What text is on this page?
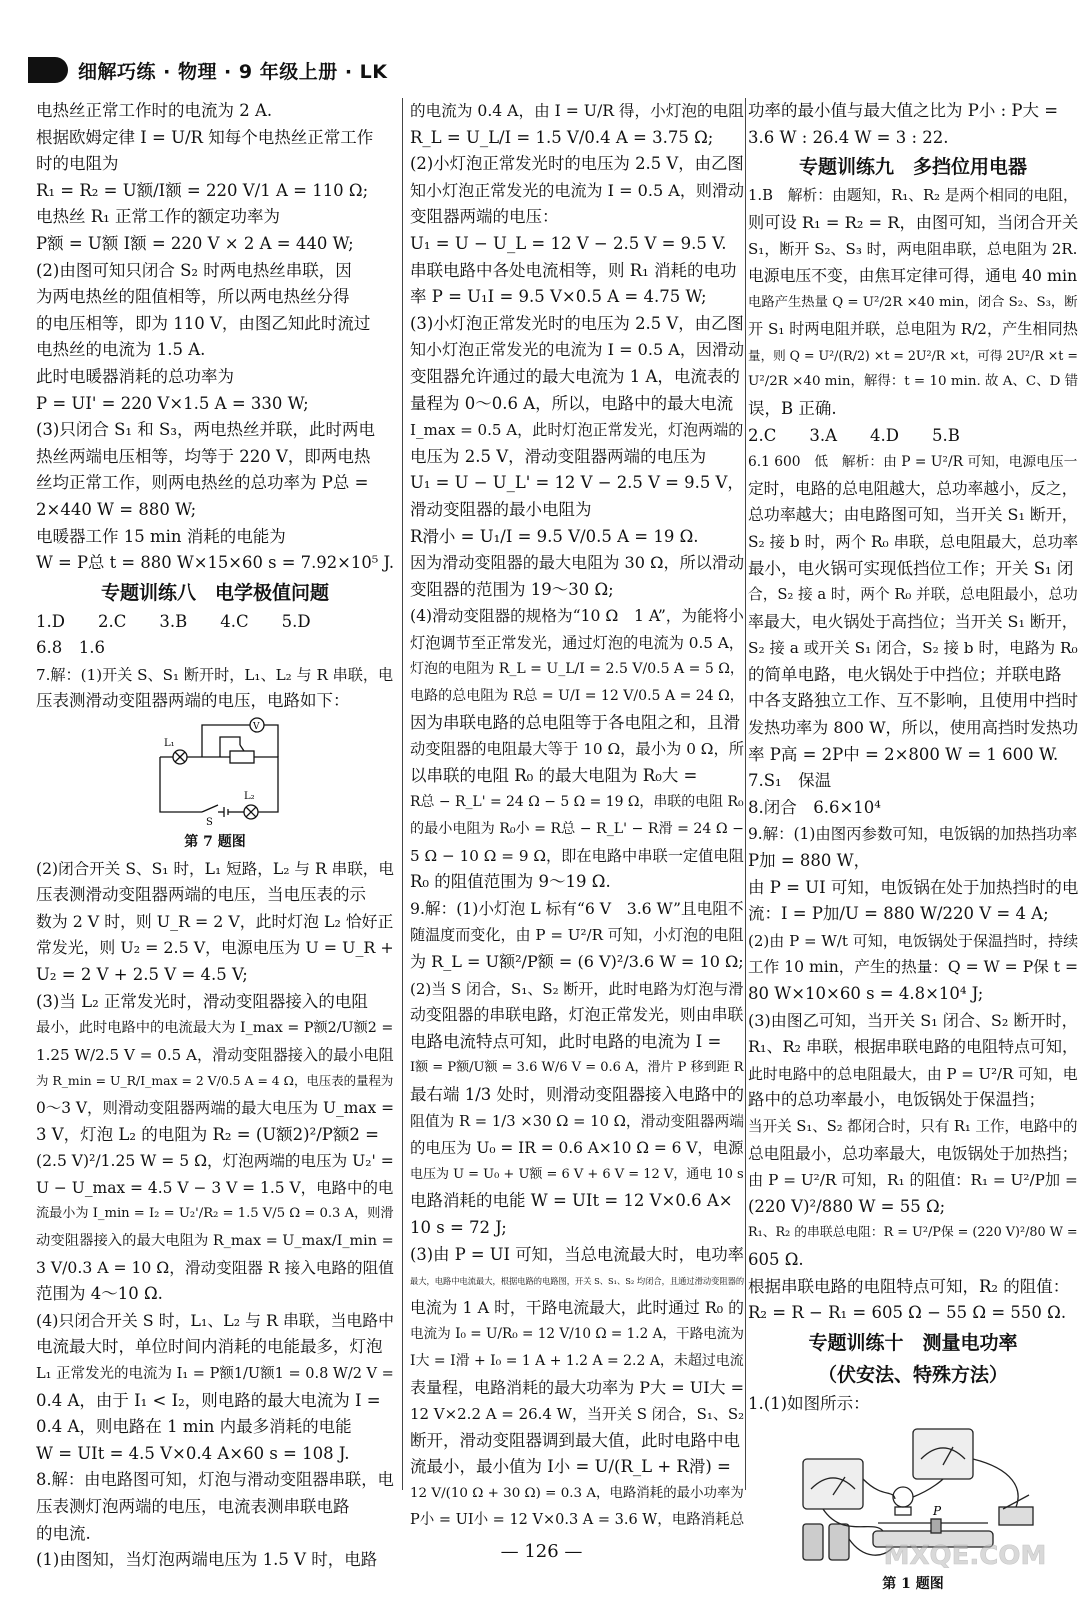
细解巧练 · 物理 · 9 年级上册 · LK
电热丝正常工作时的电流为 2 A.
根据欧姆定律 I = U/R 知每个电热丝正常工作
时的电阻为
R₁ = R₂ = U额/I额 = 220 V/1 A = 110 Ω;
电热丝 R₁ 正常工作的额定功率为
P额 = U额 I额 = 220 V × 2 A = 440 W;
(2)由图可知只闭合 S₂ 时两电热丝串联，因
为两电热丝的阻值相等，所以两电热丝分得
的电压相等，即为 110 V，由图乙知此时流过
电热丝的电流为 1.5 A.
此时电暖器消耗的总功率为
P = UI' = 220 V×1.5 A = 330 W;
(3)只闭合 S₁ 和 S₃，两电热丝并联，此时两电
热丝两端电压相等，均等于 220 V，即两电热
丝均正常工作，则两电热丝的总功率为 P总 =
2×440 W = 880 W;
电暖器工作 15 min 消耗的电能为
W = P总 t = 880 W×15×60 s = 7.92×10⁵ J.
专题训练八　电学极值问题
1.D　　2.C　　3.B　　4.C　　5.D
6.8　1.6
7.解：(1)开关 S、S₁ 断开时，L₁、L₂ 与 R 串联，电
压表测滑动变阻器两端的电压，电路如下：
L₁
L₂
S
V
第 7 题图
(2)闭合开关 S、S₁ 时，L₁ 短路，L₂ 与 R 串联，电
压表测滑动变阻器两端的电压，当电压表的示
数为 2 V 时，则 U_R = 2 V，此时灯泡 L₂ 恰好正
常发光，则 U₂ = 2.5 V，电源电压为 U = U_R +
U₂ = 2 V + 2.5 V = 4.5 V;
(3)当 L₂ 正常发光时，滑动变阻器接入的电阻
最小，此时电路中的电流最大为 I_max = P额2/U额2 =
1.25 W/2.5 V = 0.5 A，滑动变阻器接入的最小电阻
为 R_min = U_R/I_max = 2 V/0.5 A = 4 Ω，电压表的量程为
0～3 V，则滑动变阻器两端的最大电压为 U_max =
3 V，灯泡 L₂ 的电阻为 R₂ = (U额2)²/P额2 =
(2.5 V)²/1.25 W = 5 Ω，灯泡两端的电压为 U₂' =
U − U_max = 4.5 V − 3 V = 1.5 V，电路中的电
流最小为 I_min = I₂ = U₂'/R₂ = 1.5 V/5 Ω = 0.3 A，则滑
动变阻器接入的最大电阻为 R_max = U_max/I_min =
3 V/0.3 A = 10 Ω，滑动变阻器 R 接入电路的阻值
范围为 4～10 Ω.
(4)只闭合开关 S 时，L₁、L₂ 与 R 串联，当电路中
电流最大时，单位时间内消耗的电能最多，灯泡
L₁ 正常发光的电流为 I₁ = P额1/U额1 = 0.8 W/2 V =
0.4 A，由于 I₁ < I₂，则电路的最大电流为 I =
0.4 A，则电路在 1 min 内最多消耗的电能
W = UIt = 4.5 V×0.4 A×60 s = 108 J.
8.解：由电路图可知，灯泡与滑动变阻器串联，电
压表测灯泡两端的电压，电流表测串联电路
的电流.
(1)由图知，当灯泡两端电压为 1.5 V 时，电路
的电流为 0.4 A，由 I = U/R 得，小灯泡的电阻
R_L = U_L/I = 1.5 V/0.4 A = 3.75 Ω;
(2)小灯泡正常发光时的电压为 2.5 V，由乙图
知小灯泡正常发光的电流为 I = 0.5 A，则滑动
变阻器两端的电压：
U₁ = U − U_L = 12 V − 2.5 V = 9.5 V.
串联电路中各处电流相等，则 R₁ 消耗的电功
率 P = U₁I = 9.5 V×0.5 A = 4.75 W;
(3)小灯泡正常发光时的电压为 2.5 V，由乙图
知小灯泡正常发光的电流为 I = 0.5 A，因滑动
变阻器允许通过的最大电流为 1 A，电流表的
量程为 0～0.6 A，所以，电路中的最大电流
I_max = 0.5 A，此时灯泡正常发光，灯泡两端的
电压为 2.5 V，滑动变阻器两端的电压为
U₁ = U − U_L' = 12 V − 2.5 V = 9.5 V，
滑动变阻器的最小电阻为
R滑小 = U₁/I = 9.5 V/0.5 A = 19 Ω.
因为滑动变阻器的最大电阻为 30 Ω，所以滑动
变阻器的范围为 19～30 Ω;
(4)滑动变阻器的规格为“10 Ω　1 A”，为能将小
灯泡调节至正常发光，通过灯泡的电流为 0.5 A，
灯泡的电阻为 R_L = U_L/I = 2.5 V/0.5 A = 5 Ω，
电路的总电阻为 R总 = U/I = 12 V/0.5 A = 24 Ω，
因为串联电路的总电阻等于各电阻之和，且滑
动变阻器的电阻最大等于 10 Ω，最小为 0 Ω，所
以串联的电阻 R₀ 的最大电阻为 R₀大 =
R总 − R_L' = 24 Ω − 5 Ω = 19 Ω，串联的电阻 R₀
的最小电阻为 R₀小 = R总 − R_L' − R滑 = 24 Ω −
5 Ω − 10 Ω = 9 Ω，即在电路中串联一定值电阻
R₀ 的阻值范围为 9～19 Ω.
9.解：(1)小灯泡 L 标有“6 V　3.6 W”且电阻不
随温度而变化，由 P = U²/R 可知，小灯泡的电阻
为 R_L = U额²/P额 = (6 V)²/3.6 W = 10 Ω;
(2)当 S 闭合，S₁、S₂ 断开，此时电路为灯泡与滑
动变阻器的串联电路，灯泡正常发光，则由串联
电路电流特点可知，此时电路的电流为 I =
I额 = P额/U额 = 3.6 W/6 V = 0.6 A，滑片 P 移到距 R
最右端 1/3 处时，则滑动变阻器接入电路中的
阻值为 R = 1/3 ×30 Ω = 10 Ω，滑动变阻器两端
的电压为 U₀ = IR = 0.6 A×10 Ω = 6 V，电源
电压为 U = U₀ + U额 = 6 V + 6 V = 12 V，通电 10 s
电路消耗的电能 W = UIt = 12 V×0.6 A×
10 s = 72 J;
(3)由 P = UI 可知，当总电流最大时，电功率
最大，电路中电流最大，根据电路的电路图，开关 S、S₁、S₂ 均闭合，且通过滑动变阻器的
电流为 1 A 时，干路电流最大，此时通过 R₀ 的
电流为 I₀ = U/R₀ = 12 V/10 Ω = 1.2 A，干路电流为
I大 = I滑 + I₀ = 1 A + 1.2 A = 2.2 A，未超过电流
表量程，电路消耗的最大功率为 P大 = UI大 =
12 V×2.2 A = 26.4 W，当开关 S 闭合，S₁、S₂
断开，滑动变阻器调到最大值，此时电路中电
流最小，最小值为 I小 = U/(R_L + R滑) =
12 V/(10 Ω + 30 Ω) = 0.3 A，电路消耗的最小功率为
P小 = UI小 = 12 V×0.3 A = 3.6 W，电路消耗总
功率的最小值与最大值之比为 P小 : P大 =
3.6 W : 26.4 W = 3 : 22.
专题训练九　多挡位用电器
1.B　解析：由题知，R₁、R₂ 是两个相同的电阻，
则可设 R₁ = R₂ = R，由图可知，当闭合开关
S₁，断开 S₂、S₃ 时，两电阻串联，总电阻为 2R.
电源电压不变，由焦耳定律可得，通电 40 min
电路产生热量 Q = U²/2R ×40 min，闭合 S₂、S₃，断
开 S₁ 时两电阻并联，总电阻为 R/2，产生相同热
量，则 Q = U²/(R/2) ×t = 2U²/R ×t，可得 2U²/R ×t =
U²/2R ×40 min，解得：t = 10 min. 故 A、C、D 错
误，B 正确.
2.C　　3.A　　4.D　　5.B
6.1 600　低　解析：由 P = U²/R 可知，电源电压一
定时，电路的总电阻越大，总功率越小，反之，
总功率越大；由电路图可知，当开关 S₁ 断开，
S₂ 接 b 时，两个 R₀ 串联，总电阻最大，总功率
最小，电火锅可实现低挡位工作；开关 S₁ 闭
合，S₂ 接 a 时，两个 R₀ 并联，总电阻最小，总功
率最大，电火锅处于高挡位；当开关 S₁ 断开，
S₂ 接 a 或开关 S₁ 闭合，S₂ 接 b 时，电路为 R₀
的简单电路，电火锅处于中挡位；并联电路
中各支路独立工作、互不影响，且使用中挡时
发热功率为 800 W，所以，使用高挡时发热功
率 P高 = 2P中 = 2×800 W = 1 600 W.
7.S₁　保温
8.闭合　6.6×10⁴
9.解：(1)由图丙参数可知，电饭锅的加热挡功率
P加 = 880 W，
由 P = UI 可知，电饭锅在处于加热挡时的电
流：I = P加/U = 880 W/220 V = 4 A;
(2)由 P = W/t 可知，电饭锅处于保温挡时，持续
工作 10 min，产生的热量：Q = W = P保 t =
80 W×10×60 s = 4.8×10⁴ J;
(3)由图乙可知，当开关 S₁ 闭合、S₂ 断开时，
R₁、R₂ 串联，根据串联电路的电阻特点可知，
此时电路中的总电阻最大，由 P = U²/R 可知，电
路中的总功率最小，电饭锅处于保温挡；
当开关 S₁、S₂ 都闭合时，只有 R₁ 工作，电路中的
总电阻最小，总功率最大，电饭锅处于加热挡；
由 P = U²/R 可知，R₁ 的阻值：R₁ = U²/P加 =
(220 V)²/880 W = 55 Ω;
R₁、R₂ 的串联总电阻：R = U²/P保 = (220 V)²/80 W =
605 Ω.
根据串联电路的电阻特点可知，R₂ 的阻值：
R₂ = R − R₁ = 605 Ω − 55 Ω = 550 Ω.
专题训练十　测量电功率
（伏安法、特殊方法）
1.(1)如图所示：
P
第 1 题图
— 126 —	MXQE.COM
